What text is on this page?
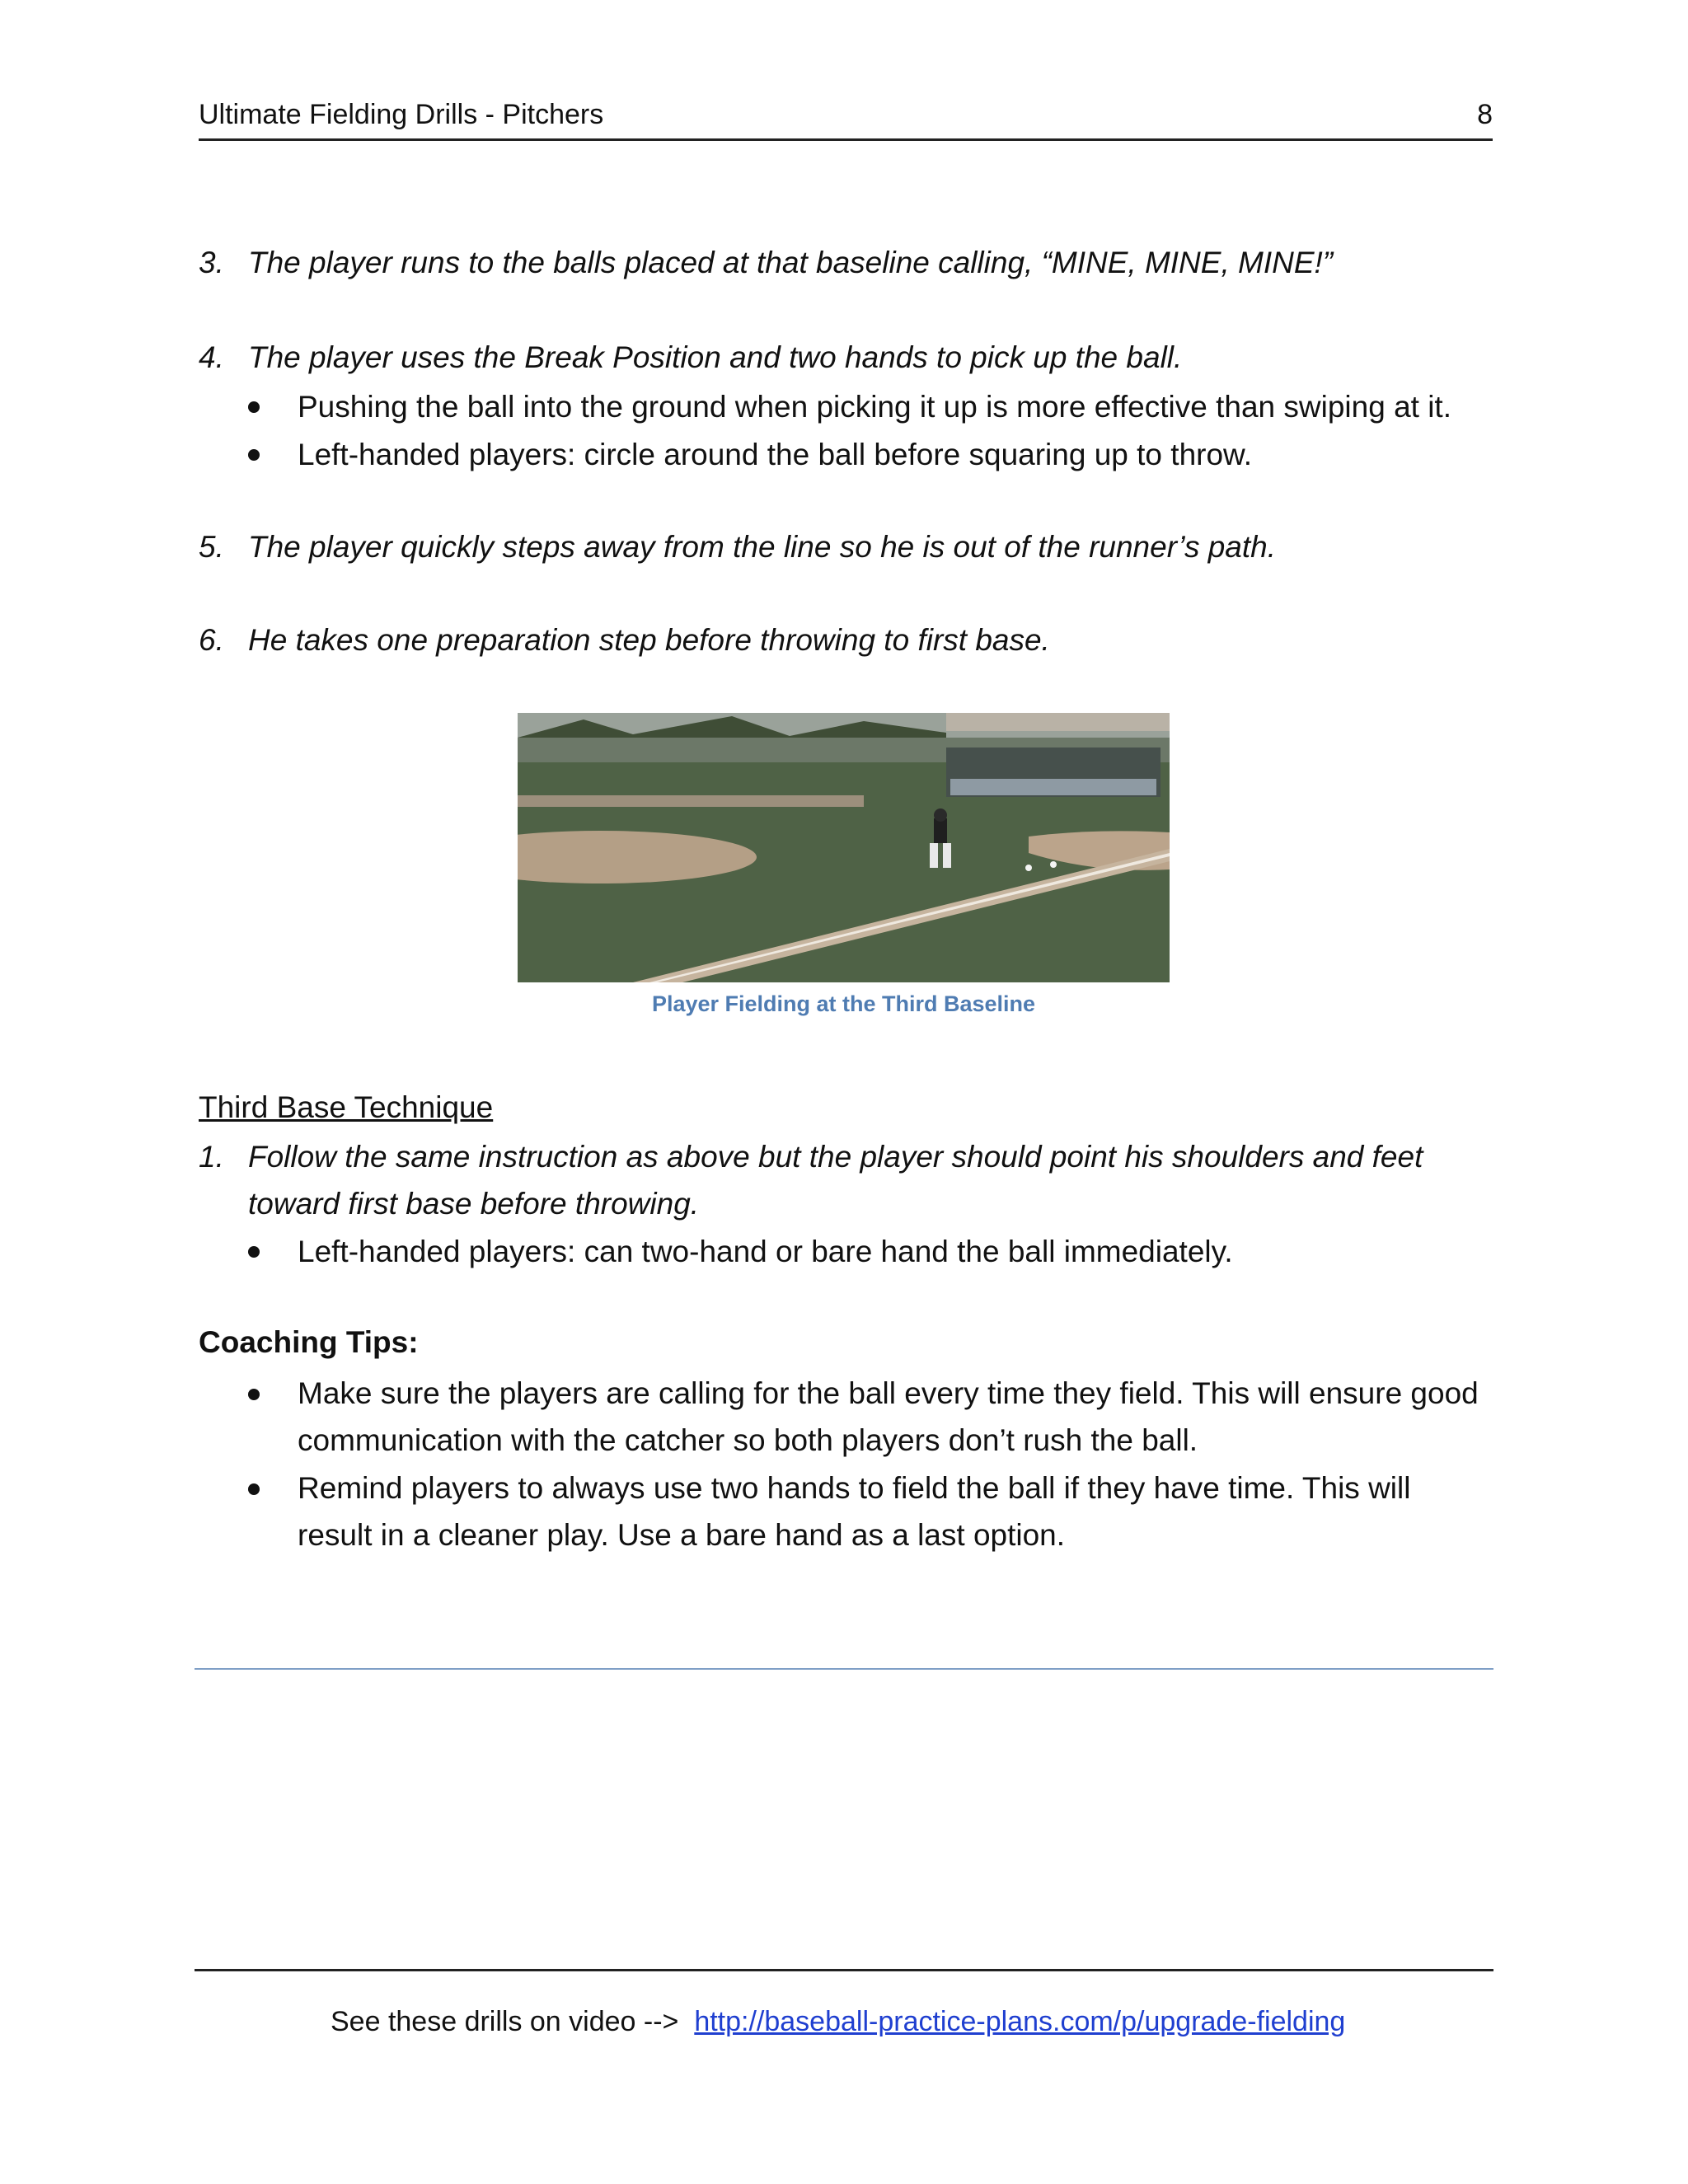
Ultimate Fielding Drills - Pitchers	8
3. The player runs to the balls placed at that baseline calling, “MINE, MINE, MINE!”
4. The player uses the Break Position and two hands to pick up the ball.
Pushing the ball into the ground when picking it up is more effective than swiping at it.
Left-handed players: circle around the ball before squaring up to throw.
5. The player quickly steps away from the line so he is out of the runner’s path.
6. He takes one preparation step before throwing to first base.
Player Fielding at the Third Baseline
Third Base Technique
1. Follow the same instruction as above but the player should point his shoulders and feet
toward first base before throwing.
Left-handed players: can two-hand or bare hand the ball immediately.
Coaching Tips:
Make sure the players are calling for the ball every time they field. This will ensure good
communication with the catcher so both players don’t rush the ball.
Remind players to always use two hands to field the ball if they have time. This will
result in a cleaner play. Use a bare hand as a last option.
See these drills on video --> http://baseball-practice-plans.com/p/upgrade-fielding
